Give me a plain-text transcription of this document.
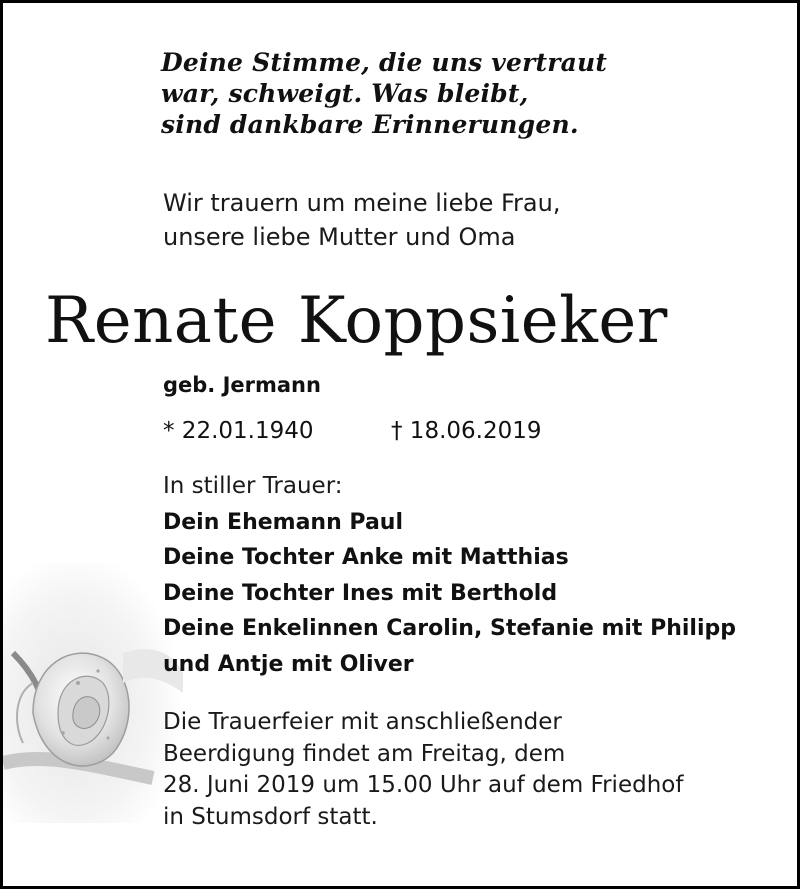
Deine Stimme, die uns vertraut
war, schweigt. Was bleibt,
sind dankbare Erinnerungen.
Wir trauern um meine liebe Frau,
unsere liebe Mutter und Oma
Renate Koppsieker
geb. Jermann
* 22.01.1940	† 18.06.2019
In stiller Trauer:
Dein Ehemann Paul
Deine Tochter Anke mit Matthias
Deine Tochter Ines mit Berthold
Deine Enkelinnen Carolin, Stefanie mit Philipp
und Antje mit Oliver
Die Trauerfeier mit anschließender
Beerdigung findet am Freitag, dem
28. Juni 2019 um 15.00 Uhr auf dem Friedhof
in Stumsdorf statt.
